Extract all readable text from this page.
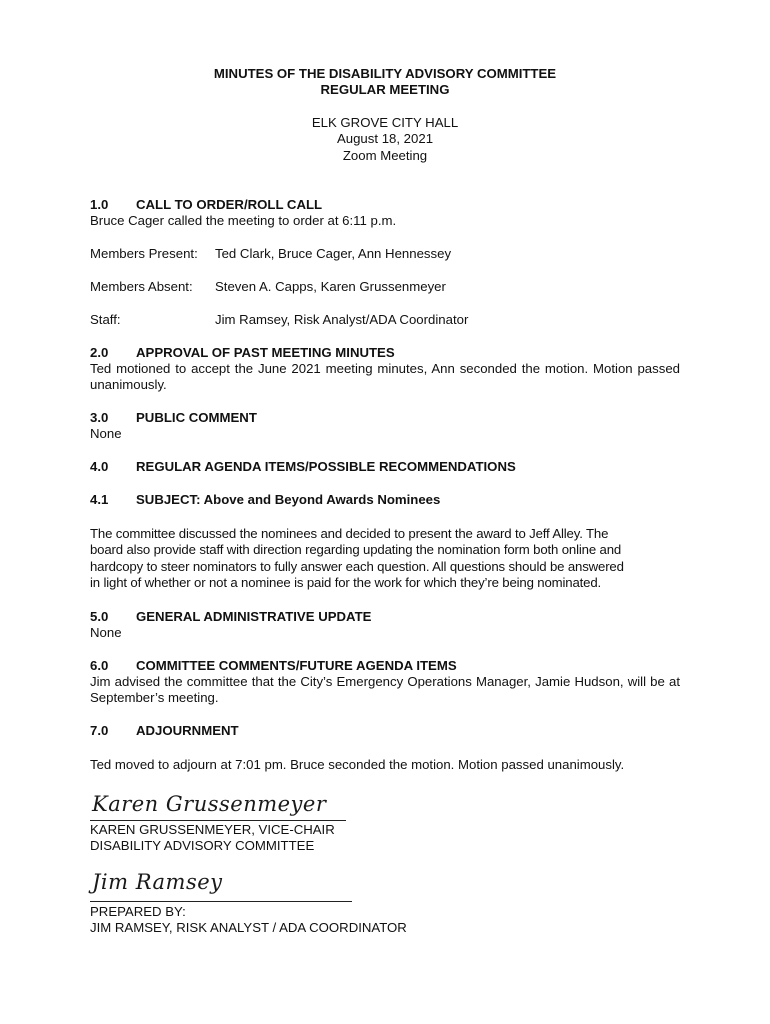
MINUTES OF THE DISABILITY ADVISORY COMMITTEE
REGULAR MEETING
ELK GROVE CITY HALL
August 18, 2021
Zoom Meeting
1.0 CALL TO ORDER/ROLL CALL
Bruce Cager called the meeting to order at 6:11 p.m.
Members Present: Ted Clark, Bruce Cager, Ann Hennessey
Members Absent: Steven A. Capps, Karen Grussenmeyer
Staff:	Jim Ramsey, Risk Analyst/ADA Coordinator
2.0 APPROVAL OF PAST MEETING MINUTES
Ted motioned to accept the June 2021 meeting minutes, Ann seconded the motion. Motion passed unanimously.
3.0 PUBLIC COMMENT
None
4.0 REGULAR AGENDA ITEMS/POSSIBLE RECOMMENDATIONS
4.1 SUBJECT: Above and Beyond Awards Nominees
The committee discussed the nominees and decided to present the award to Jeff Alley. The
board also provide staff with direction regarding updating the nomination form both online and
hardcopy to steer nominators to fully answer each question. All questions should be answered
in light of whether or not a nominee is paid for the work for which they’re being nominated.
5.0 GENERAL ADMINISTRATIVE UPDATE
None
6.0 COMMITTEE COMMENTS/FUTURE AGENDA ITEMS
Jim advised the committee that the City’s Emergency Operations Manager, Jamie Hudson, will be at September’s meeting.
7.0 ADJOURNMENT
Ted moved to adjourn at 7:01 pm. Bruce seconded the motion. Motion passed unanimously.
Karen Grussenmeyer
KAREN GRUSSENMEYER, VICE-CHAIR
DISABILITY ADVISORY COMMITTEE
Jim Ramsey
PREPARED BY:
JIM RAMSEY, RISK ANALYST / ADA COORDINATOR
